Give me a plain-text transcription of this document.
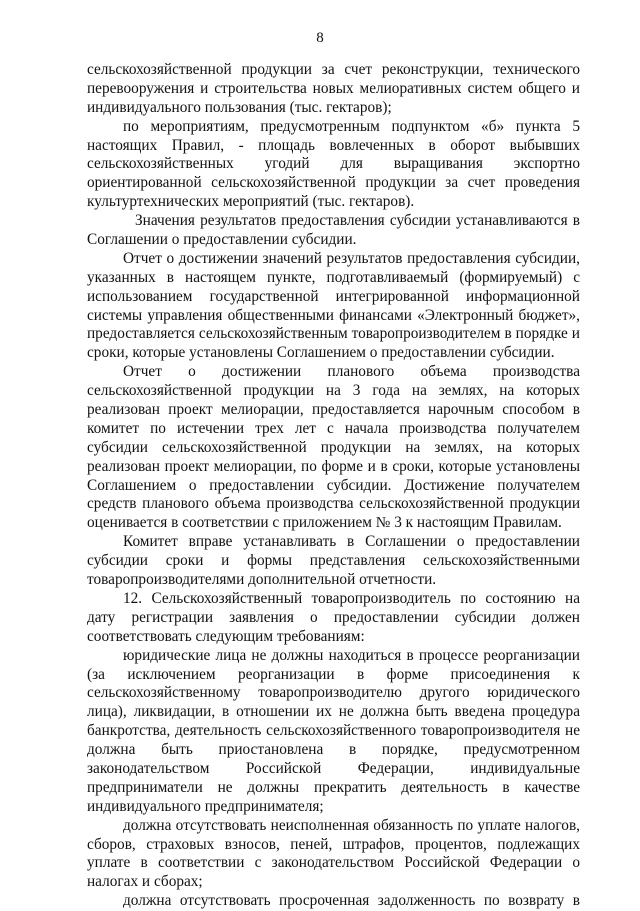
8
сельскохозяйственной продукции за счет реконструкции, технического
перевооружения и строительства новых мелиоративных систем общего и
индивидуального пользования (тыс. гектаров);
по мероприятиям, предусмотренным подпунктом «б» пункта 5
настоящих Правил, - площадь вовлеченных в оборот выбывших
сельскохозяйственных угодий для выращивания экспортно
ориентированной сельскохозяйственной продукции за счет проведения
культуртехнических мероприятий (тыс. гектаров).
Значения результатов предоставления субсидии устанавливаются в
Соглашении о предоставлении субсидии.
Отчет о достижении значений результатов предоставления субсидии,
указанных в настоящем пункте, подготавливаемый (формируемый) с
использованием государственной интегрированной информационной
системы управления общественными финансами «Электронный бюджет»,
предоставляется сельскохозяйственным товаропроизводителем в порядке и
сроки, которые установлены Соглашением о предоставлении субсидии.
Отчет о достижении планового объема производства
сельскохозяйственной продукции на 3 года на землях, на которых
реализован проект мелиорации, предоставляется нарочным способом в
комитет по истечении трех лет с начала производства получателем
субсидии сельскохозяйственной продукции на землях, на которых
реализован проект мелиорации, по форме и в сроки, которые установлены
Соглашением о предоставлении субсидии. Достижение получателем
средств планового объема производства сельскохозяйственной продукции
оценивается в соответствии с приложением № 3 к настоящим Правилам.
Комитет вправе устанавливать в Соглашении о предоставлении
субсидии сроки и формы представления сельскохозяйственными
товаропроизводителями дополнительной отчетности.
12. Сельскохозяйственный товаропроизводитель по состоянию на
дату регистрации заявления о предоставлении субсидии должен
соответствовать следующим требованиям:
юридические лица не должны находиться в процессе реорганизации
(за исключением реорганизации в форме присоединения к
сельскохозяйственному товаропроизводителю другого юридического
лица), ликвидации, в отношении их не должна быть введена процедура
банкротства, деятельность сельскохозяйственного товаропроизводителя не
должна быть приостановлена в порядке, предусмотренном
законодательством Российской Федерации, индивидуальные
предприниматели не должны прекратить деятельность в качестве
индивидуального предпринимателя;
должна отсутствовать неисполненная обязанность по уплате налогов,
сборов, страховых взносов, пеней, штрафов, процентов, подлежащих
уплате в соответствии с законодательством Российской Федерации о
налогах и сборах;
должна отсутствовать просроченная задолженность по возврату в
